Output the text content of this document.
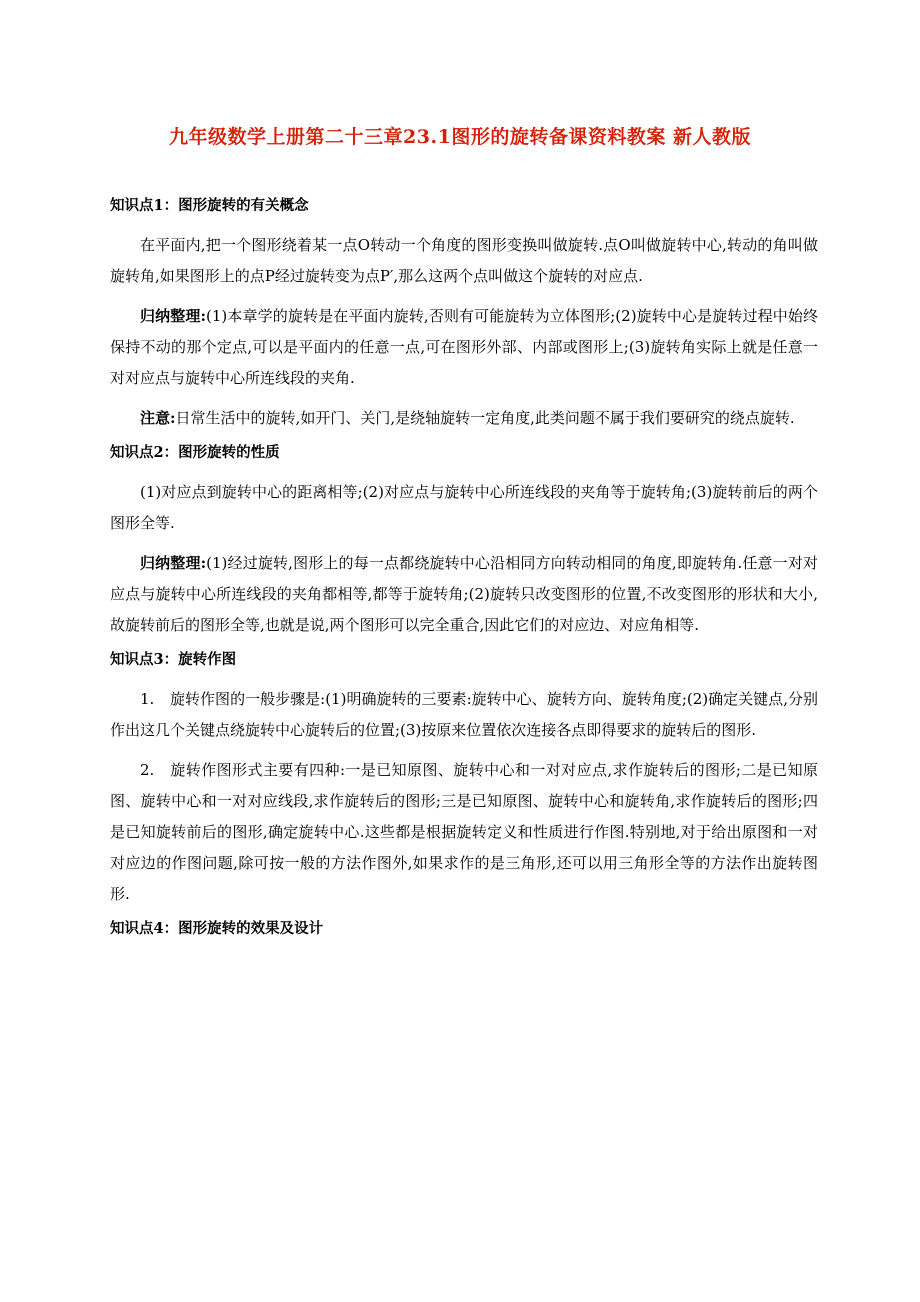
九年级数学上册第二十三章23.1图形的旋转备课资料教案 新人教版
知识点1：图形旋转的有关概念

在平面内,把一个图形绕着某一点O转动一个角度的图形变换叫做旋转.点O叫做旋转中心,转动的角叫做旋转角,如果图形上的点P经过旋转变为点P′,那么这两个点叫做这个旋转的对应点.

归纳整理:(1)本章学的旋转是在平面内旋转,否则有可能旋转为立体图形;(2)旋转中心是旋转过程中始终保持不动的那个定点,可以是平面内的任意一点,可在图形外部、内部或图形上;(3)旋转角实际上就是任意一对对应点与旋转中心所连线段的夹角.

注意:日常生活中的旋转,如开门、关门,是绕轴旋转一定角度,此类问题不属于我们要研究的绕点旋转.

知识点2：图形旋转的性质

(1)对应点到旋转中心的距离相等;(2)对应点与旋转中心所连线段的夹角等于旋转角;(3)旋转前后的两个图形全等.

归纳整理:(1)经过旋转,图形上的每一点都绕旋转中心沿相同方向转动相同的角度,即旋转角.任意一对对应点与旋转中心所连线段的夹角都相等,都等于旋转角;(2)旋转只改变图形的位置,不改变图形的形状和大小,故旋转前后的图形全等,也就是说,两个图形可以完全重合,因此它们的对应边、对应角相等.

知识点3：旋转作图

1. 旋转作图的一般步骤是:(1)明确旋转的三要素:旋转中心、旋转方向、旋转角度;(2)确定关键点,分别作出这几个关键点绕旋转中心旋转后的位置;(3)按原来位置依次连接各点即得要求的旋转后的图形.

2. 旋转作图形式主要有四种:一是已知原图、旋转中心和一对对应点,求作旋转后的图形;二是已知原图、旋转中心和一对对应线段,求作旋转后的图形;三是已知原图、旋转中心和旋转角,求作旋转后的图形;四是已知旋转前后的图形,确定旋转中心.这些都是根据旋转定义和性质进行作图.特别地,对于给出原图和一对对应边的作图问题,除可按一般的方法作图外,如果求作的是三角形,还可以用三角形全等的方法作出旋转图形.

知识点4：图形旋转的效果及设计
